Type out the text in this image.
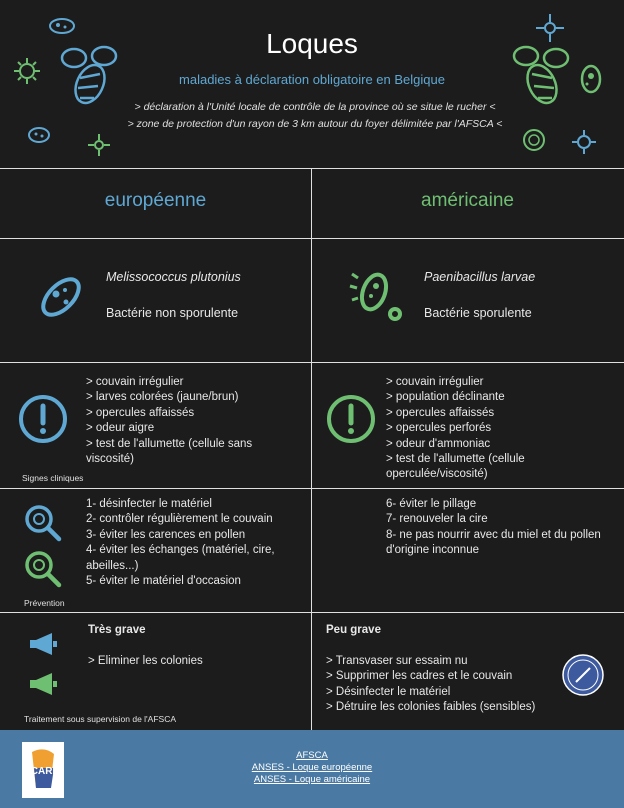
Loques
maladies à déclaration obligatoire en Belgique
> déclaration à l'Unité locale de contrôle de la province où se situe le rucher <
> zone de protection d'un rayon de 3 km autour du foyer délimitée par l'AFSCA <
européenne	américaine
Melissococcus plutonius
Bactérie non sporulente
Paenibacillus larvae
Bactérie sporulente
> couvain irrégulier
> larves colorées (jaune/brun)
> opercules affaissés
> odeur aigre
> test de l'allumette (cellule sans
viscosité)
Signes cliniques
> couvain irrégulier
> population déclinante
> opercules affaissés
> opercules perforés
> odeur d'ammoniac
> test de l'allumette (cellule
operculée/viscosité)
1- désinfecter le matériel
2- contrôler régulièrement le couvain
3- éviter les carences en pollen
4- éviter les échanges (matériel, cire,
abeilles...)
5- éviter le matériel d'occasion
Prévention
6- éviter le pillage
7- renouveler la cire
8- ne pas nourrir avec du miel et du pollen
d'origine inconnue
Très grave
> Eliminer les colonies
Traitement sous supervision de l'AFSCA
Peu grave
> Transvaser sur essaim nu
> Supprimer les cadres et le couvain
> Désinfecter le matériel
> Détruire les colonies faibles (sensibles)
CARI
AFSCA
ANSES - Loque européenne
ANSES - Loque américaine
